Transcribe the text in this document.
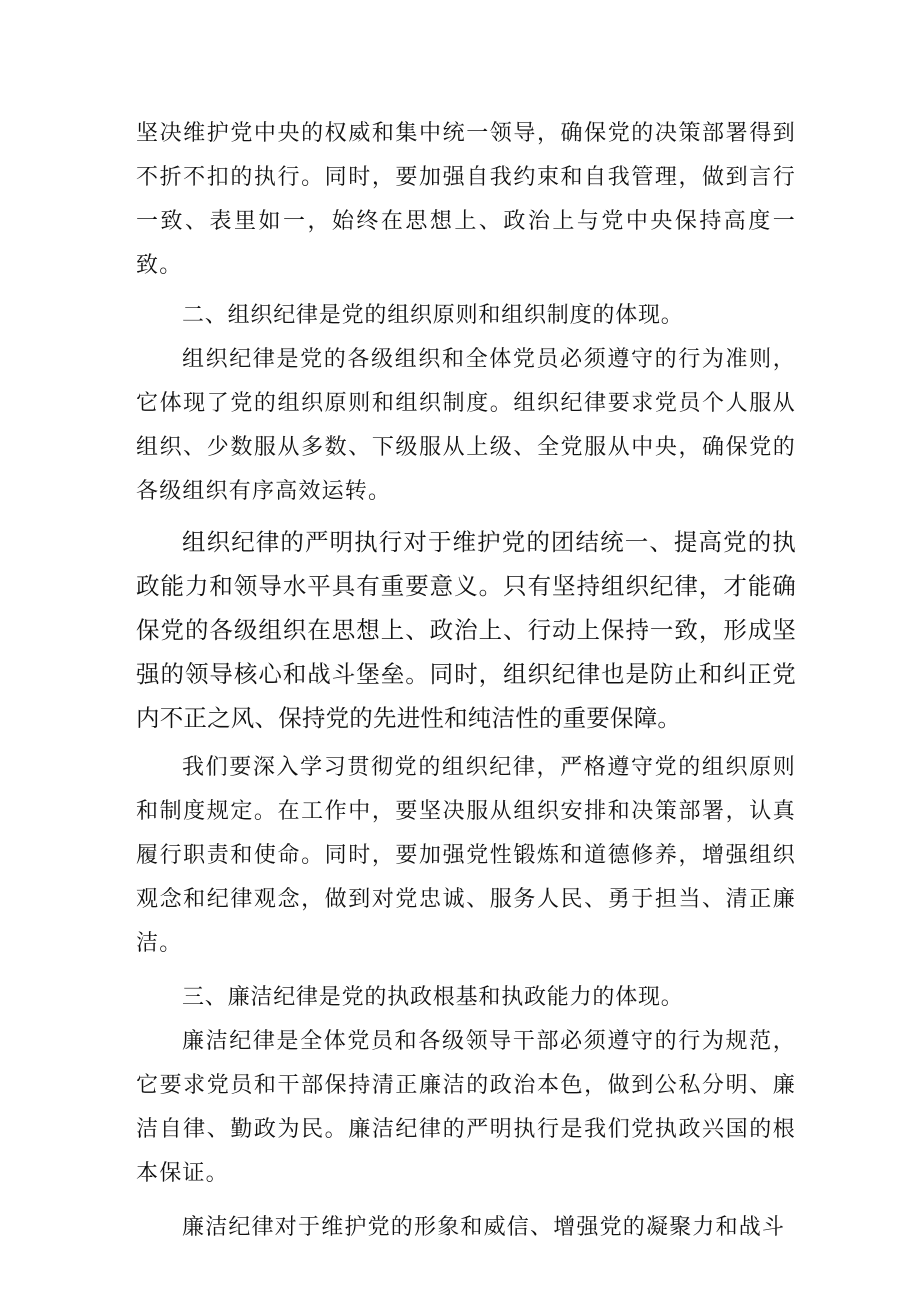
坚决维护党中央的权威和集中统一领导，确保党的决策部署得到不折不扣的执行。同时，要加强自我约束和自我管理，做到言行一致、表里如一，始终在思想上、政治上与党中央保持高度一致。

二、组织纪律是党的组织原则和组织制度的体现。

组织纪律是党的各级组织和全体党员必须遵守的行为准则，它体现了党的组织原则和组织制度。组织纪律要求党员个人服从组织、少数服从多数、下级服从上级、全党服从中央，确保党的各级组织有序高效运转。

组织纪律的严明执行对于维护党的团结统一、提高党的执政能力和领导水平具有重要意义。只有坚持组织纪律，才能确保党的各级组织在思想上、政治上、行动上保持一致，形成坚强的领导核心和战斗堡垒。同时，组织纪律也是防止和纠正党内不正之风、保持党的先进性和纯洁性的重要保障。

我们要深入学习贯彻党的组织纪律，严格遵守党的组织原则和制度规定。在工作中，要坚决服从组织安排和决策部署，认真履行职责和使命。同时，要加强党性锻炼和道德修养，增强组织观念和纪律观念，做到对党忠诚、服务人民、勇于担当、清正廉洁。

三、廉洁纪律是党的执政根基和执政能力的体现。

廉洁纪律是全体党员和各级领导干部必须遵守的行为规范，它要求党员和干部保持清正廉洁的政治本色，做到公私分明、廉洁自律、勤政为民。廉洁纪律的严明执行是我们党执政兴国的根本保证。

廉洁纪律对于维护党的形象和威信、增强党的凝聚力和战斗
